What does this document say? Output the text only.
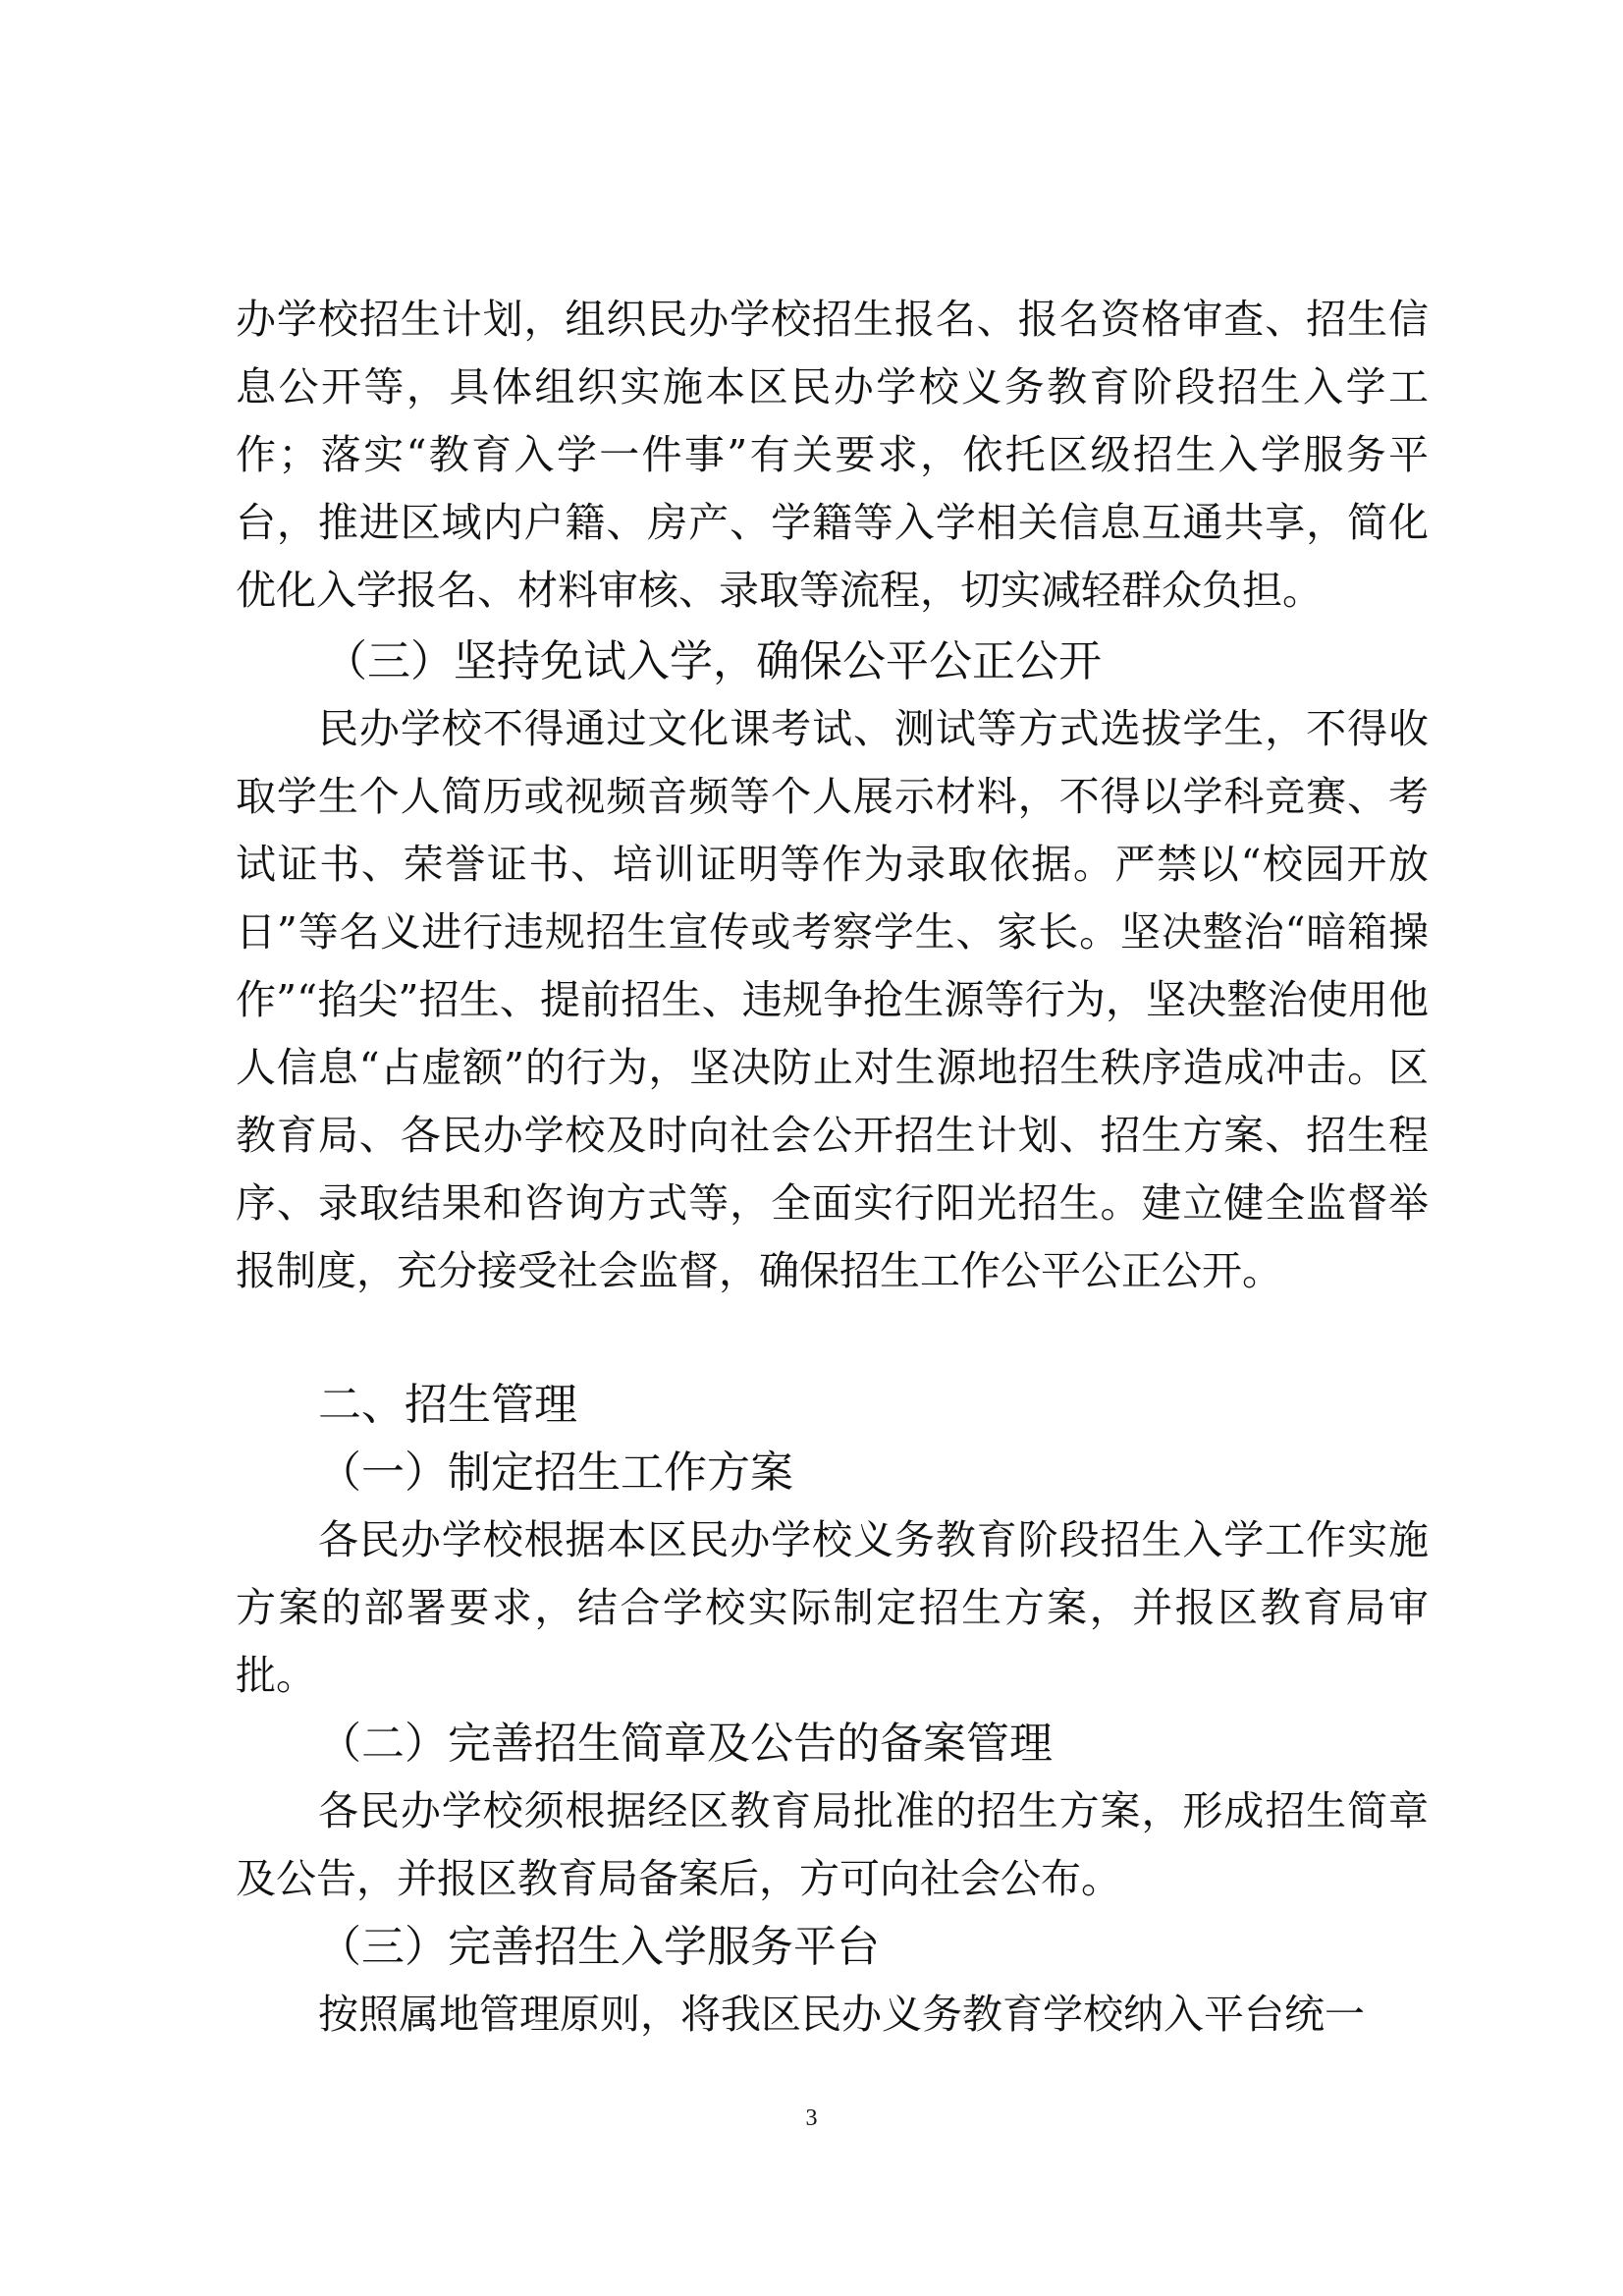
办学校招生计划，组织民办学校招生报名、报名资格审查、招生信息公开等，具体组织实施本区民办学校义务教育阶段招生入学工作；落实“教育入学一件事”有关要求，依托区级招生入学服务平台，推进区域内户籍、房产、学籍等入学相关信息互通共享，简化优化入学报名、材料审核、录取等流程，切实减轻群众负担。

（三）坚持免试入学，确保公平公正公开

民办学校不得通过文化课考试、测试等方式选拔学生，不得收取学生个人简历或视频音频等个人展示材料，不得以学科竞赛、考试证书、荣誉证书、培训证明等作为录取依据。严禁以“校园开放日”等名义进行违规招生宣传或考察学生、家长。坚决整治“暗箱操作”“掐尖”招生、提前招生、违规争抢生源等行为，坚决整治使用他人信息“占虚额”的行为，坚决防止对生源地招生秩序造成冲击。区教育局、各民办学校及时向社会公开招生计划、招生方案、招生程序、录取结果和咨询方式等，全面实行阳光招生。建立健全监督举报制度，充分接受社会监督，确保招生工作公平公正公开。

二、招生管理

（一）制定招生工作方案

各民办学校根据本区民办学校义务教育阶段招生入学工作实施方案的部署要求，结合学校实际制定招生方案，并报区教育局审批。

（二）完善招生简章及公告的备案管理

各民办学校须根据经区教育局批准的招生方案，形成招生简章及公告，并报区教育局备案后，方可向社会公布。

（三）完善招生入学服务平台

按照属地管理原则，将我区民办义务教育学校纳入平台统一

3
